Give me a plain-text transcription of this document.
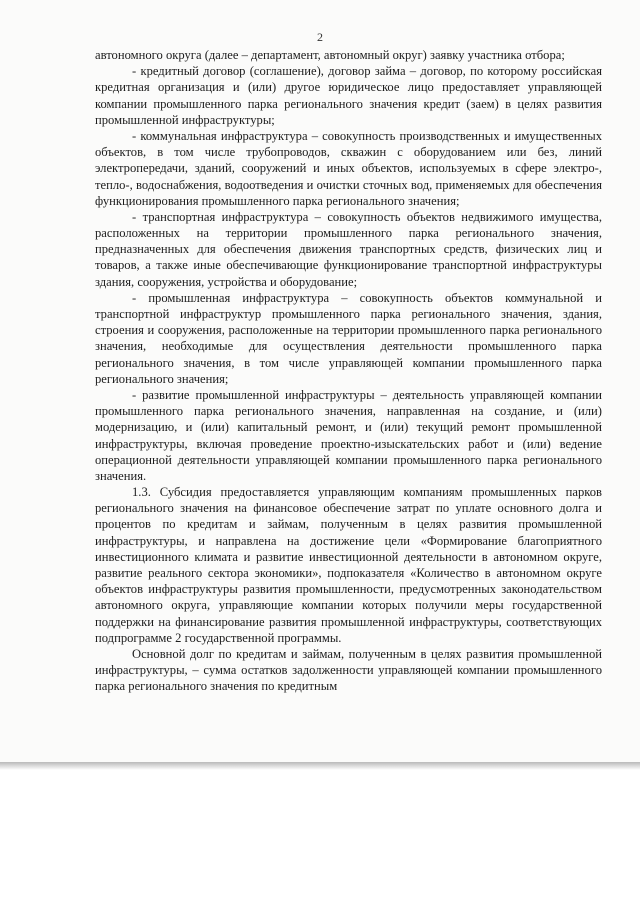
2

автономного округа (далее – департамент, автономный округ) заявку участника отбора;

- кредитный договор (соглашение), договор займа – договор, по которому российская кредитная организация и (или) другое юридическое лицо предоставляет управляющей компании промышленного парка регионального значения кредит (заем) в целях развития промышленной инфраструктуры;

- коммунальная инфраструктура – совокупность производственных и имущественных объектов, в том числе трубопроводов, скважин с оборудованием или без, линий электропередачи, зданий, сооружений и иных объектов, используемых в сфере электро-, тепло-, водоснабжения, водоотведения и очистки сточных вод, применяемых для обеспечения функционирования промышленного парка регионального значения;

- транспортная инфраструктура – совокупность объектов недвижимого имущества, расположенных на территории промышленного парка регионального значения, предназначенных для обеспечения движения транспортных средств, физических лиц и товаров, а также иные обеспечивающие функционирование транспортной инфраструктуры здания, сооружения, устройства и оборудование;

- промышленная инфраструктура – совокупность объектов коммунальной и транспортной инфраструктур промышленного парка регионального значения, здания, строения и сооружения, расположенные на территории промышленного парка регионального значения, необходимые для осуществления деятельности промышленного парка регионального значения, в том числе управляющей компании промышленного парка регионального значения;

- развитие промышленной инфраструктуры – деятельность управляющей компании промышленного парка регионального значения, направленная на создание, и (или) модернизацию, и (или) капитальный ремонт, и (или) текущий ремонт промышленной инфраструктуры, включая проведение проектно-изыскательских работ и (или) ведение операционной деятельности управляющей компании промышленного парка регионального значения.

1.3. Субсидия предоставляется управляющим компаниям промышленных парков регионального значения на финансовое обеспечение затрат по уплате основного долга и процентов по кредитам и займам, полученным в целях развития промышленной инфраструктуры, и направлена на достижение цели «Формирование благоприятного инвестиционного климата и развитие инвестиционной деятельности в автономном округе, развитие реального сектора экономики», подпоказателя «Количество в автономном округе объектов инфраструктуры развития промышленности, предусмотренных законодательством автономного округа, управляющие компании которых получили меры государственной поддержки на финансирование развития промышленной инфраструктуры, соответствующих подпрограмме 2 государственной программы.

Основной долг по кредитам и займам, полученным в целях развития промышленной инфраструктуры, – сумма остатков задолженности управляющей компании промышленного парка регионального значения по кредитным
